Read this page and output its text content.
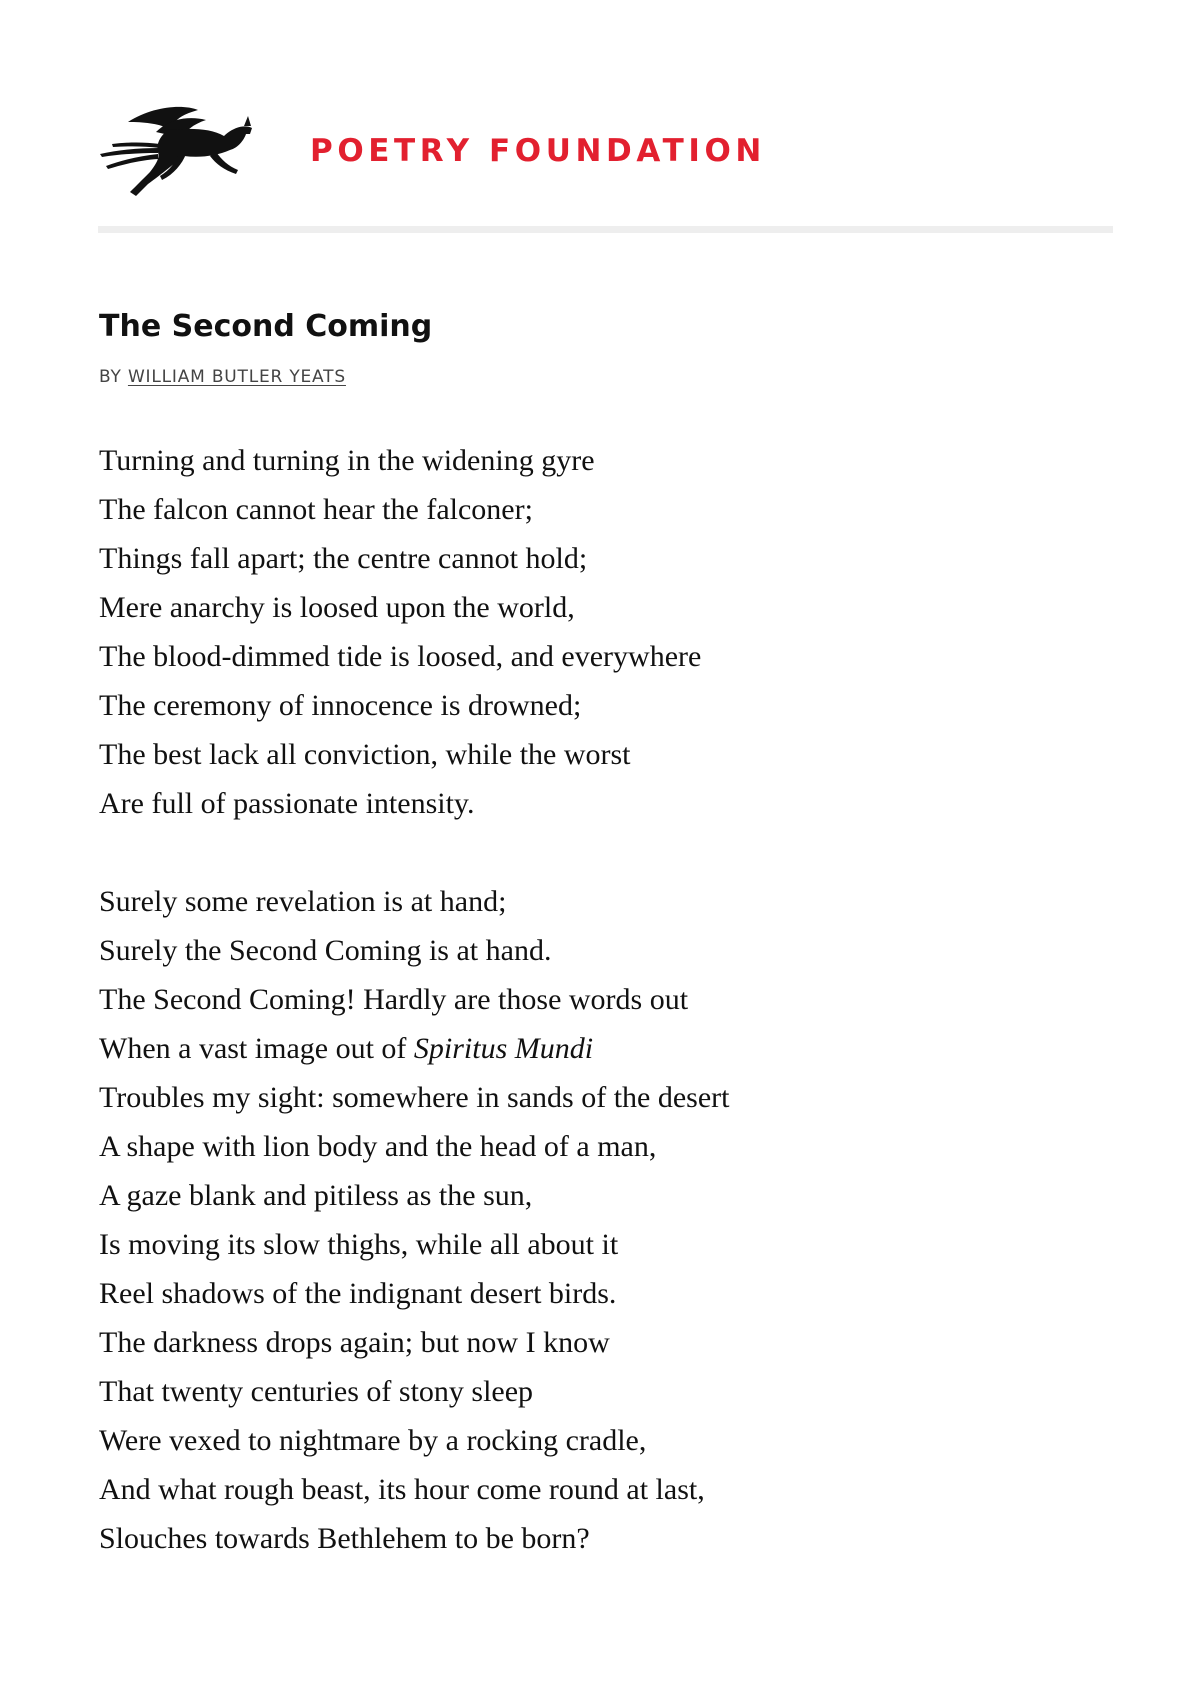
POETRY FOUNDATION
The Second Coming
BY WILLIAM BUTLER YEATS
Turning and turning in the widening gyre
The falcon cannot hear the falconer;
Things fall apart; the centre cannot hold;
Mere anarchy is loosed upon the world,
The blood-dimmed tide is loosed, and everywhere
The ceremony of innocence is drowned;
The best lack all conviction, while the worst
Are full of passionate intensity.
Surely some revelation is at hand;
Surely the Second Coming is at hand.
The Second Coming! Hardly are those words out
When a vast image out of Spiritus Mundi
Troubles my sight: somewhere in sands of the desert
A shape with lion body and the head of a man,
A gaze blank and pitiless as the sun,
Is moving its slow thighs, while all about it
Reel shadows of the indignant desert birds.
The darkness drops again; but now I know
That twenty centuries of stony sleep
Were vexed to nightmare by a rocking cradle,
And what rough beast, its hour come round at last,
Slouches towards Bethlehem to be born?
